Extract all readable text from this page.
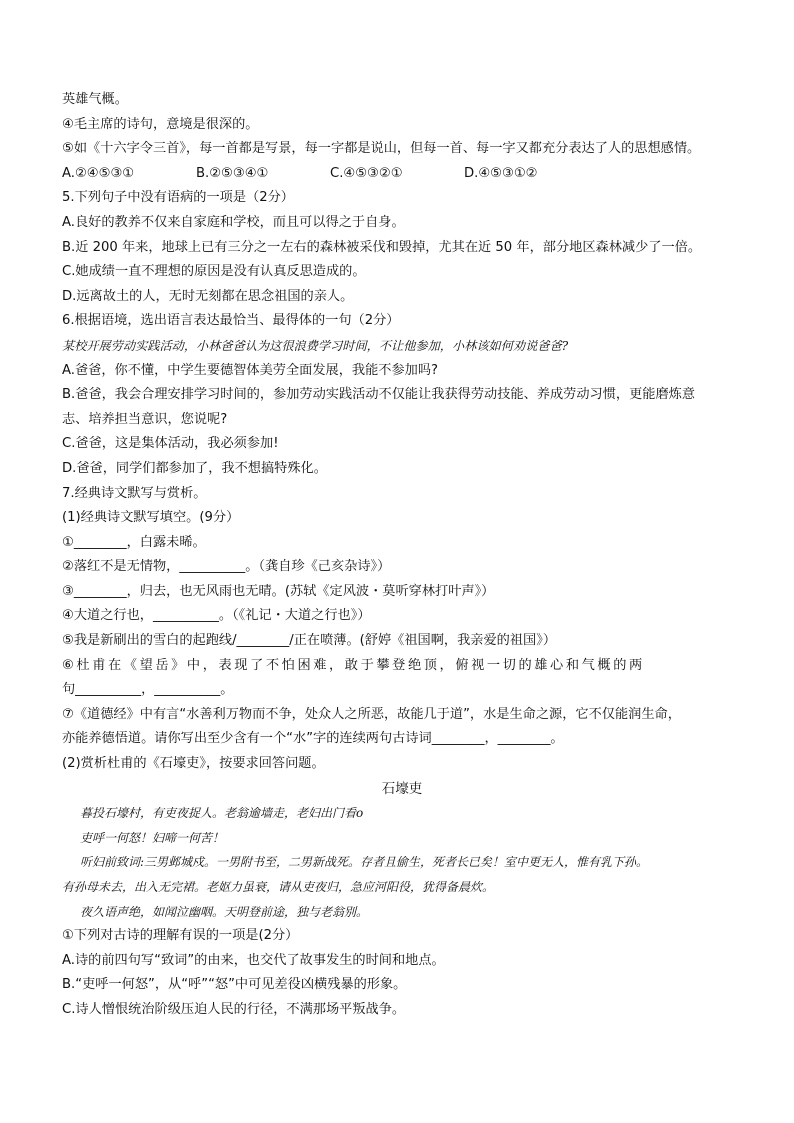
英雄气概。
④毛主席的诗句，意境是很深的。
⑤如《十六字令三首》，每一首都是写景，每一字都是说山，但每一首、每一字又都充分表达了人的思想感情。
A.②④⑤③①	B.②⑤③④①	C.④⑤③②①	D.④⑤③①②
5.下列句子中没有语病的一项是（2分）
A.良好的教养不仅来自家庭和学校，而且可以得之于自身。
B.近 200 年来，地球上已有三分之一左右的森林被采伐和毁掉，尤其在近 50 年，部分地区森林减少了一倍。
C.她成绩一直不理想的原因是没有认真反思造成的。
D.远离故土的人，无时无刻都在思念祖国的亲人。
6.根据语境，选出语言表达最恰当、最得体的一句（2分）
某校开展劳动实践活动，小林爸爸认为这很浪费学习时间，不让他参加，小林该如何劝说爸爸?
A.爸爸，你不懂，中学生要德智体美劳全面发展，我能不参加吗?
B.爸爸，我会合理安排学习时间的，参加劳动实践活动不仅能让我获得劳动技能、养成劳动习惯，更能磨炼意
志、培养担当意识，您说呢?
C.爸爸，这是集体活动，我必须参加!
D.爸爸，同学们都参加了，我不想搞特殊化。
7.经典诗文默写与赏析。
(1)经典诗文默写填空。(9分）
①________，白露未晞。
②落红不是无情物，__________。（龚自珍《己亥杂诗》）
③________，归去，也无风雨也无晴。(苏轼《定风波・莫听穿林打叶声》）
④大道之行也，__________。（《礼记・大道之行也》）
⑤我是新刷出的雪白的起跑线/________/正在喷薄。(舒婷《祖国啊，我亲爱的祖国》）
⑥杜甫在《望岳》中，表现了不怕困难，敢于攀登绝顶，俯视一切的雄心和气概的两
句__________，__________。
⑦《道德经》中有言“水善利万物而不争，处众人之所恶，故能几于道”，水是生命之源，它不仅能润生命，
亦能养德悟道。请你写出至少含有一个“水”字的连续两句古诗词________，________。
(2)赏析杜甫的《石壕吏》，按要求回答问题。
石壕吏
暮投石壕村，有吏夜捉人。老翁逾墙走，老妇出门看o
吏呼一何怒！妇啼一何苦！
听妇前致词:三男邺城戍。一男附书至，二男新战死。存者且偷生，死者长已矣！室中更无人，惟有乳下孙。
有孙母未去，出入无完裙。老妪力虽衰，请从吏夜归，急应河阳役，犹得备晨炊。
夜久语声绝，如闻泣幽咽。天明登前途，独与老翁别。
①下列对古诗的理解有误的一项是(2分）
A.诗的前四句写“致词”的由来，也交代了故事发生的时间和地点。
B.“吏呼一何怒”，从“呼”“怒”中可见差役凶横残暴的形象。
C.诗人憎恨统治阶级压迫人民的行径，不满那场平叛战争。
